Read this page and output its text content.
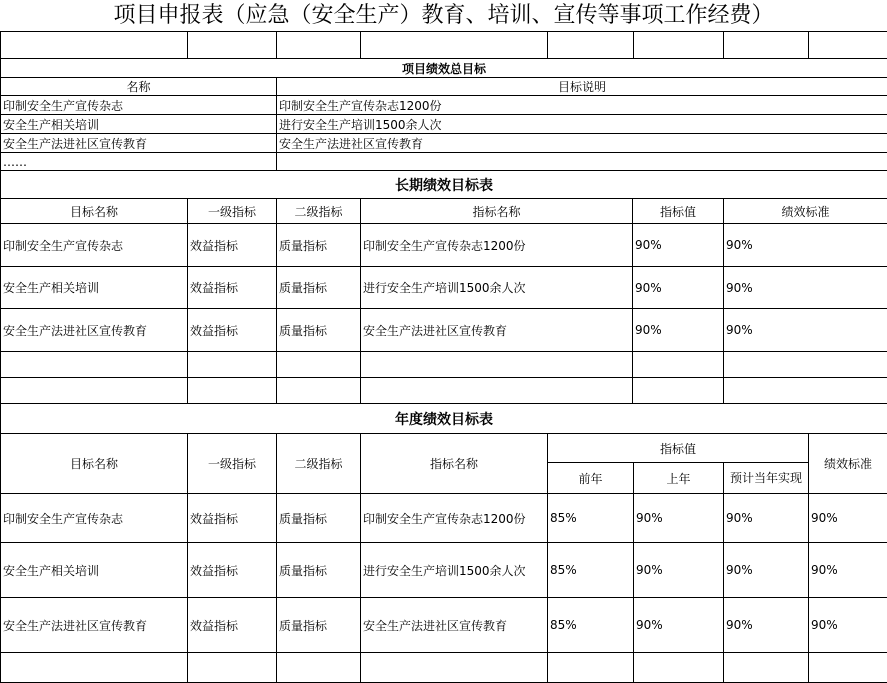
项目申报表（应急（安全生产）教育、培训、宣传等事项工作经费）

项目绩效总目标							
名称		目标说明					
印制安全生产宣传杂志		印制安全生产宣传杂志1200份					
安全生产相关培训		进行安全生产培训1500余人次					
安全生产法进社区宣传教育		安全生产法进社区宣传教育					
……							
长期绩效目标表					
目标名称	一级指标	二级指标	指标名称	指标值	绩效标准
印制安全生产宣传杂志	效益指标	质量指标	印制安全生产宣传杂志1200份	90%	90%
安全生产相关培训	效益指标	质量指标	进行安全生产培训1500余人次	90%	90%
安全生产法进社区宣传教育	效益指标	质量指标	安全生产法进社区宣传教育	90%	90%

年度绩效目标表							
目标名称	一级指标	二级指标	指标名称	指标值			绩效标准
				前年	上年	预计当年实现	
印制安全生产宣传杂志	效益指标	质量指标	印制安全生产宣传杂志1200份	85%	90%	90%	90%
安全生产相关培训	效益指标	质量指标	进行安全生产培训1500余人次	85%	90%	90%	90%
安全生产法进社区宣传教育	效益指标	质量指标	安全生产法进社区宣传教育	85%	90%	90%	90%
